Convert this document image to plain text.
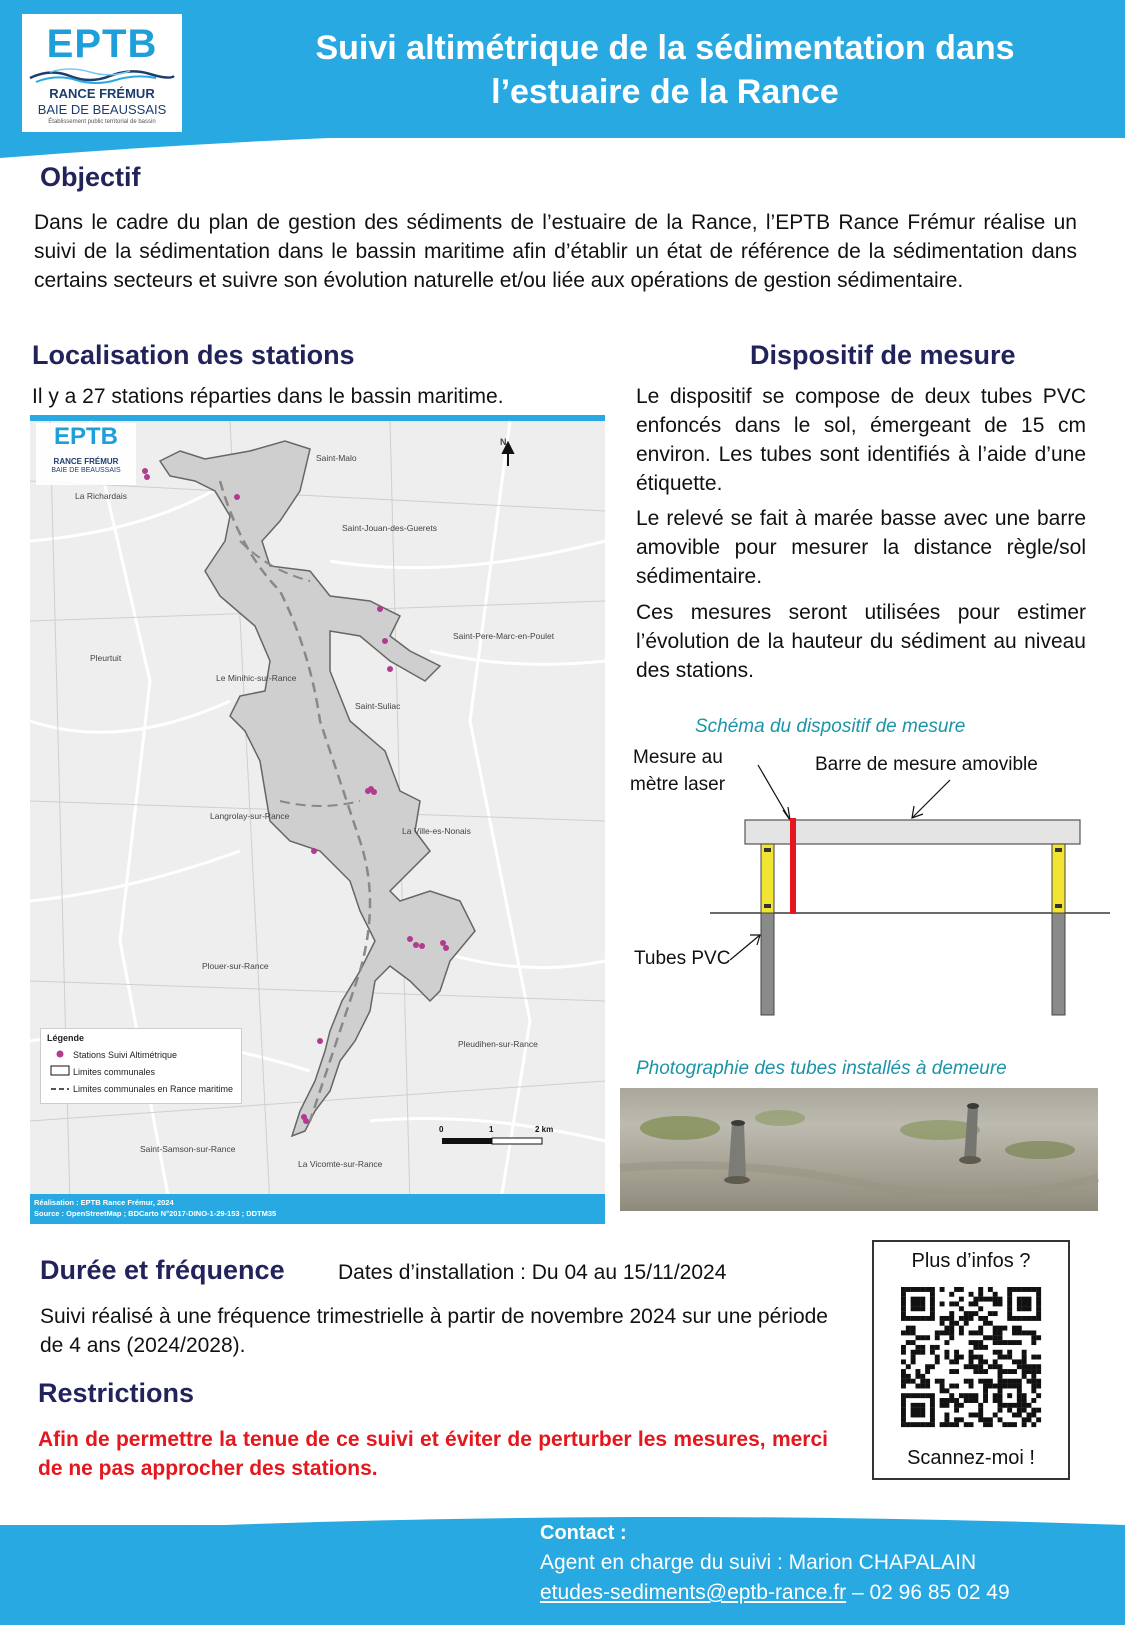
EPTB
RANCE FRÉMUR
BAIE DE BEAUSSAIS
Établissement public territorial de bassin
Suivi altimétrique de la sédimentation dans
l’estuaire de la Rance
Objectif
Dans le cadre du plan de gestion des sédiments de l’estuaire de la Rance, l’EPTB Rance Frémur réalise un suivi de la sédimentation dans le bassin maritime afin d’établir un état de référence de la sédimentation dans certains secteurs et suivre son évolution naturelle et/ou liée aux opérations de gestion sédimentaire.
Localisation des stations
Il y a 27 stations réparties dans le bassin maritime.
EPTB
RANCE FRÉMUR
BAIE DE BEAUSSAIS
N
Saint-Malo
La Richardais
Saint-Jouan-des-Guerets
Saint-Pere-Marc-en-Poulet
Pleurtuit
Le Minihic-sur-Rance
Saint-Suliac
Langrolay-sur-Rance
La Ville-es-Nonais
Plouer-sur-Rance
Pleudihen-sur-Rance
Saint-Samson-sur-Rance
La Vicomte-sur-Rance
Légende
Stations Suivi Altimétrique
Limites communales
Limites communales en Rance maritime
0	1	2 km
Réalisation : EPTB Rance Frémur, 2024
Source : OpenStreetMap ; BDCarto N°2017-DINO-1-29-153 ; DDTM35
Dispositif de mesure
Le dispositif se compose de deux tubes PVC enfoncés dans le sol, émergeant de 15 cm environ. Les tubes sont identifiés à l’aide d’une étiquette.
Le relevé se fait à marée basse avec une barre amovible pour mesurer la distance règle/sol sédimentaire.
Ces mesures seront utilisées pour estimer l’évolution de la hauteur du sédiment au niveau des stations.
Schéma du dispositif de mesure
Mesure au
mètre laser
Barre de mesure amovible
Tubes PVC
Photographie des tubes installés à demeure
Durée et fréquence	Dates d’installation : Du 04 au 15/11/2024
Suivi réalisé à une fréquence trimestrielle à partir de novembre 2024 sur une période de 4 ans (2024/2028).
Restrictions
Afin de permettre la tenue de ce suivi et éviter de perturber les mesures, merci de ne pas approcher des stations.
Plus d’infos ?
Scannez-moi !
Contact :
Agent en charge du suivi : Marion CHAPALAIN
etudes-sediments@eptb-rance.fr – 02 96 85 02 49
